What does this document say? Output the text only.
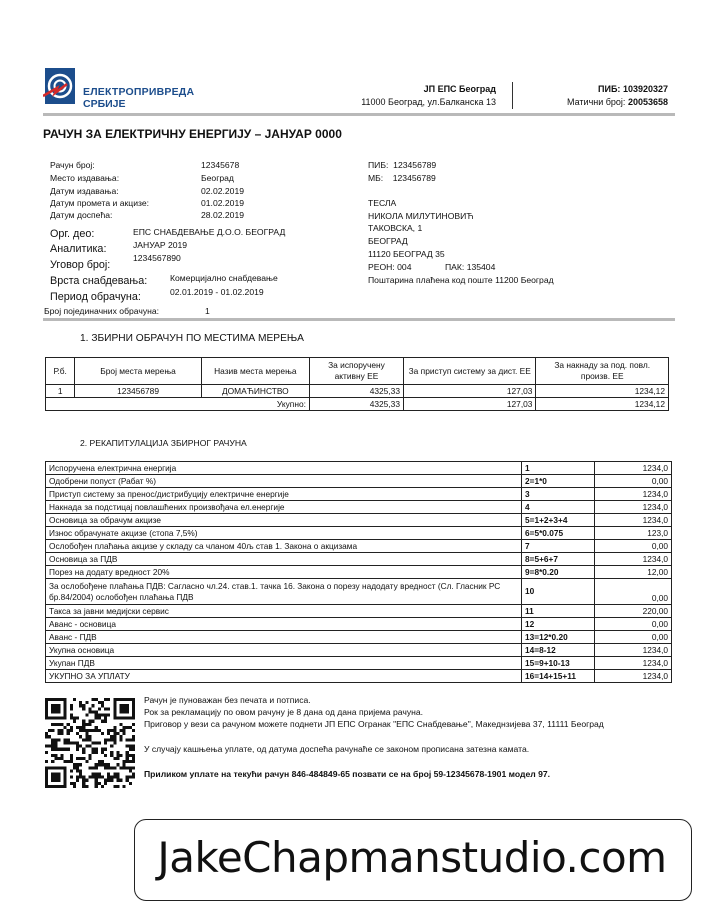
ЕЛЕКТРОПРИВРЕДА
СРБИЈЕ
ЈП ЕПС Београд
11000 Београд, ул.Балканска 13
ПИБ: 103920327
Матични број: 20053658
РАЧУН ЗА ЕЛЕКТРИЧНУ ЕНЕРГИЈУ – ЈАНУАР 0000
Рачун број:	12345678
Место издавања:	Београд
Датум издавања:	02.02.2019
Датум промета и акцизе:	01.02.2019
Датум доспећа:	28.02.2019
Орг. део:	ЕПС СНАБДЕВАЊЕ Д.О.О. БЕОГРАД
Аналитика:	ЈАНУАР 2019
Уговор број:
1234567890
Врста снабдевања:	Комерцијално снабдевање
Период обрачуна:	02.01.2019 - 01.02.2019
Број појединачних обрачуна:	1
ПИБ: 123456789
МБ: 123456789
ТЕСЛА
НИКОЛА МИЛУТИНОВИЋ
ТАКОВСКА, 1
БЕОГРАД
11120 БЕОГРАД 35
РЕОН: 004	ПАК: 135404
Поштарина плаћена код поште 11200 Београд
1. ЗБИРНИ ОБРАЧУН ПО МЕСТИМА МЕРЕЊА
Р.б.	Број места мерења	Назив места мерења	За испоручену активну ЕЕ	За приступ систему за дист. ЕЕ	За накнаду за под. повл. произв. ЕЕ
1	123456789	ДОМАЋИНСТВО	4325,33	127,03	1234,12
Укупно:			4325,33	127,03	1234,12
2. РЕКАПИТУЛАЦИЈА ЗБИРНОГ РАЧУНА
Испоручена електрична енергија	1	1234,0
Одобрени попуст (Рабат %)	2=1*0	0,00
Приступ систему за пренос/дистрибуцију електричне енергије	3	1234,0
Накнада за подстицај повлашћених произвођача ел.енергије	4	1234,0
Основица за обрачум акцизе	5=1+2+3+4	1234,0
Износ обрачунате акцизе (стопа 7,5%)	6=5*0.075	123,0
Ослобођен плаћања акцизе у складу са чланом 40љ став 1. Закона о акцизама	7	0,00
Основица за ПДВ	8=5+6+7	1234,0
Порез на додату вредност 20%	9=8*0.20	12,00
За ослобођене плаћања ПДВ: Сагласно чл.24. став.1. тачка 16. Закона о порезу надодату вредност (Сл. Гласник РС бр.84/2004) ослобођен плаћања ПДВ	10	0,00
Такса за јавни медијски сервис	11	220,00
Аванс - основица	12	0,00
Аванс - ПДВ	13=12*0.20	0,00
Укупна основица	14=8-12	1234,0
Укупан ПДВ	15=9+10-13	1234,0
УКУПНО ЗА УПЛАТУ	16=14+15+11	1234,0
Рачун је пуноважан без печата и потписа.
Рок за рекламацију по овом рачуну је 8 дана од дана пријема рачуна.
Приговор у вези са рачуном можете поднети ЈП ЕПС Огранак "ЕПС Снабдевање", Македнзијева 37, 11111 Београд
У случају кашњења уплате, од датума доспећа рачунаће се законом прописана затезна камата.
Приликом уплате на текући рачун 846-484849-65 позвати се на број 59-12345678-1901 модел 97.
JakeChapmanstudio.com
